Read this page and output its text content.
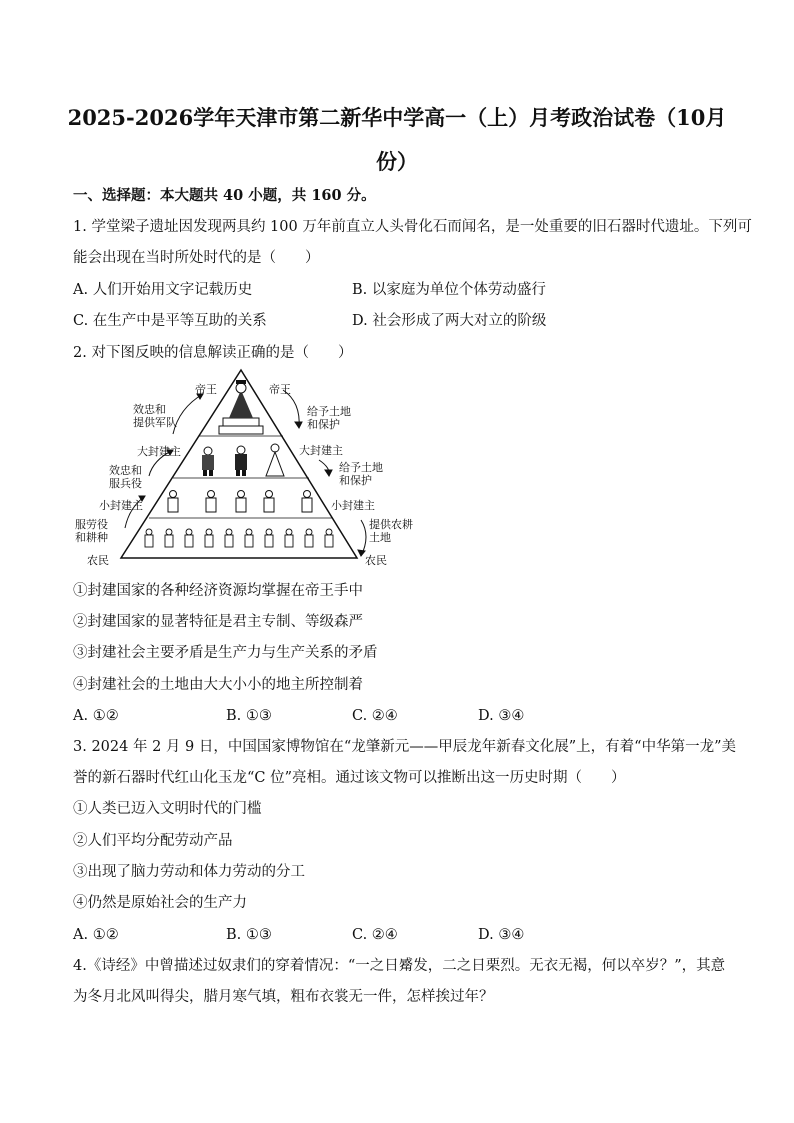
2025-2026学年天津市第二新华中学高一（上）月考政治试卷（10月份）
一、选择题：本大题共 40 小题，共 160 分。
1. 学堂梁子遗址因发现两具约 100 万年前直立人头骨化石而闻名，是一处重要的旧石器时代遗址。下列可
能会出现在当时所处时代的是（　　）
A. 人们开始用文字记载历史	B. 以家庭为单位个体劳动盛行
C. 在生产中是平等互助的关系	D. 社会形成了两大对立的阶级
2. 对下图反映的信息解读正确的是（　　）
帝王
效忠和
提供军队
大封建主
效忠和
服兵役
小封建主
服劳役
和耕种
农民
帝王
给予土地
和保护
大封建主
给予土地
和保护
小封建主
提供农耕
土地
农民
①封建国家的各种经济资源均掌握在帝王手中
②封建国家的显著特征是君主专制、等级森严
③封建社会主要矛盾是生产力与生产关系的矛盾
④封建社会的土地由大大小小的地主所控制着
A. ①②	B. ①③	C. ②④	D. ③④
3. 2024 年 2 月 9 日，中国国家博物馆在“龙肇新元——甲辰龙年新春文化展”上，有着“中华第一龙”美
誉的新石器时代红山化玉龙“C 位”亮相。通过该文物可以推断出这一历史时期（　　）
①人类已迈入文明时代的门槛
②人们平均分配劳动产品
③出现了脑力劳动和体力劳动的分工
④仍然是原始社会的生产力
A. ①②	B. ①③	C. ②④	D. ③④
4.《诗经》中曾描述过奴隶们的穿着情况：“一之日觱发，二之日栗烈。无衣无褐，何以卒岁？”，其意
为冬月北风叫得尖，腊月寒气填，粗布衣裳无一件，怎样挨过年？
